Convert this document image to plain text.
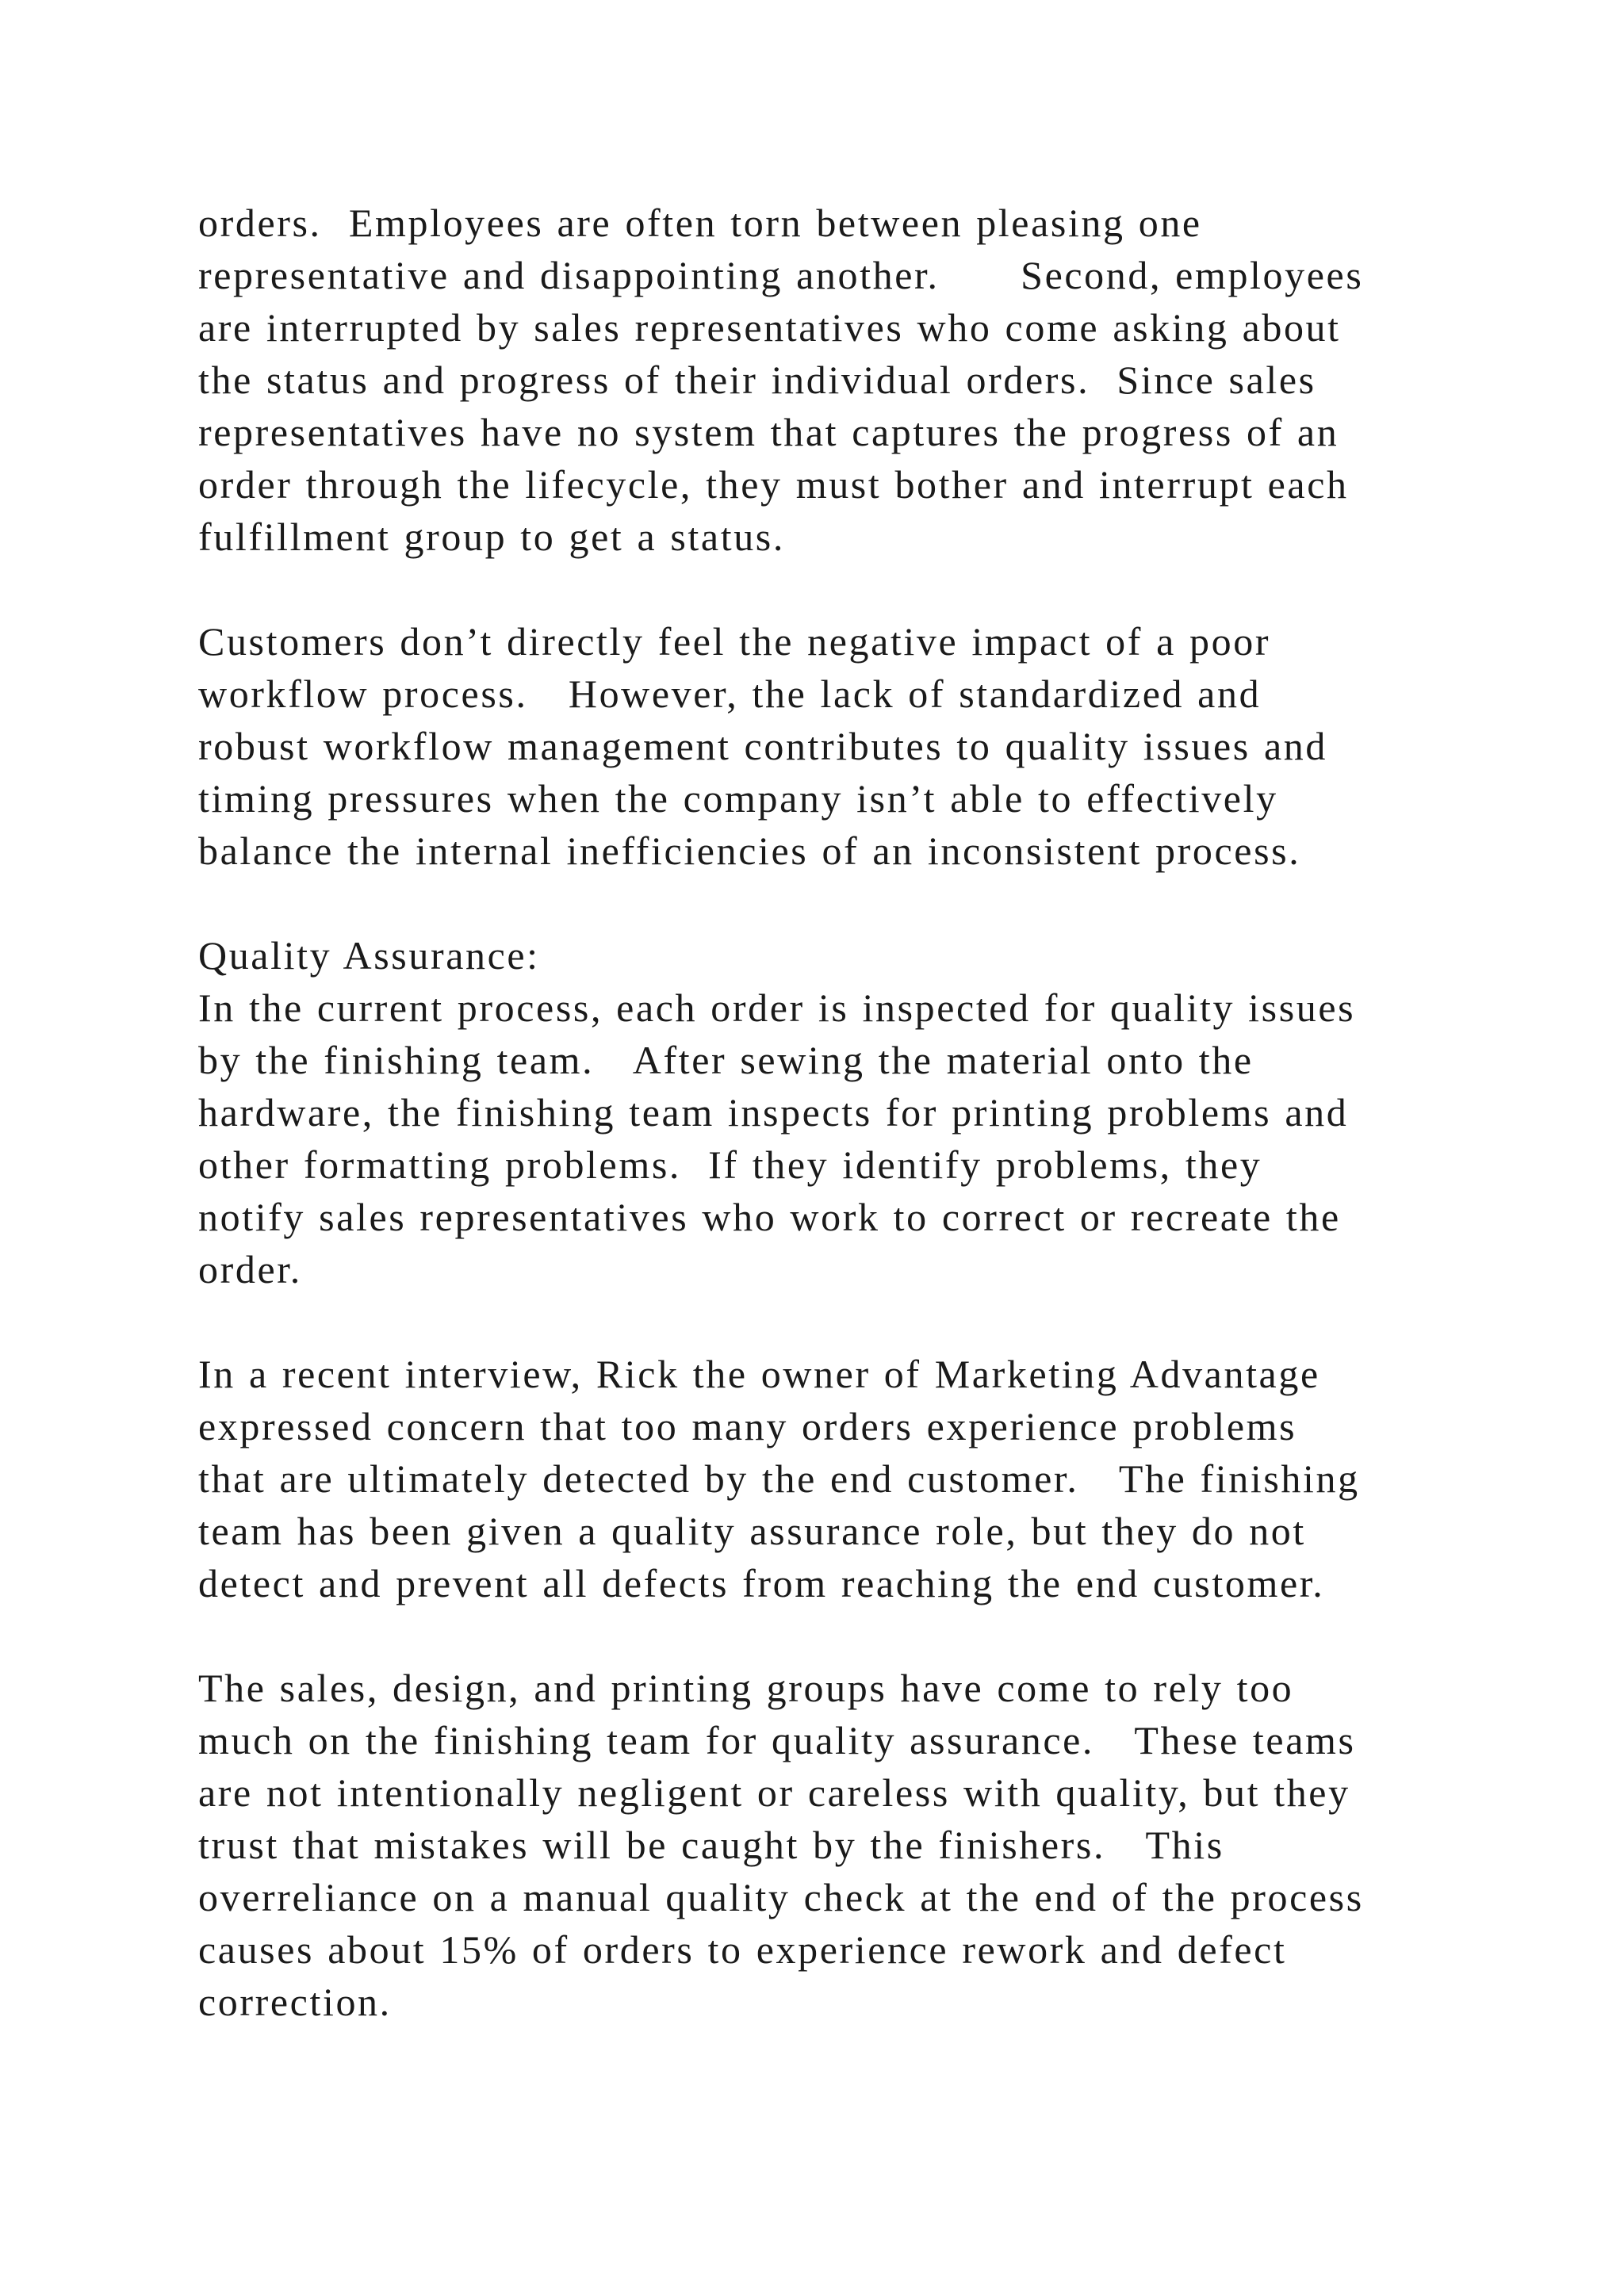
orders.  Employees are often torn between pleasing one
representative and disappointing another.      Second, employees
are interrupted by sales representatives who come asking about
the status and progress of their individual orders.  Since sales
representatives have no system that captures the progress of an
order through the lifecycle, they must bother and interrupt each
fulfillment group to get a status.
Customers don’t directly feel the negative impact of a poor
workflow process.   However, the lack of standardized and
robust workflow management contributes to quality issues and
timing pressures when the company isn’t able to effectively
balance the internal inefficiencies of an inconsistent process.
Quality Assurance:
In the current process, each order is inspected for quality issues
by the finishing team.   After sewing the material onto the
hardware, the finishing team inspects for printing problems and
other formatting problems.  If they identify problems, they
notify sales representatives who work to correct or recreate the
order.
In a recent interview, Rick the owner of Marketing Advantage
expressed concern that too many orders experience problems
that are ultimately detected by the end customer.   The finishing
team has been given a quality assurance role, but they do not
detect and prevent all defects from reaching the end customer.
The sales, design, and printing groups have come to rely too
much on the finishing team for quality assurance.   These teams
are not intentionally negligent or careless with quality, but they
trust that mistakes will be caught by the finishers.   This
overreliance on a manual quality check at the end of the process
causes about 15% of orders to experience rework and defect
correction.
